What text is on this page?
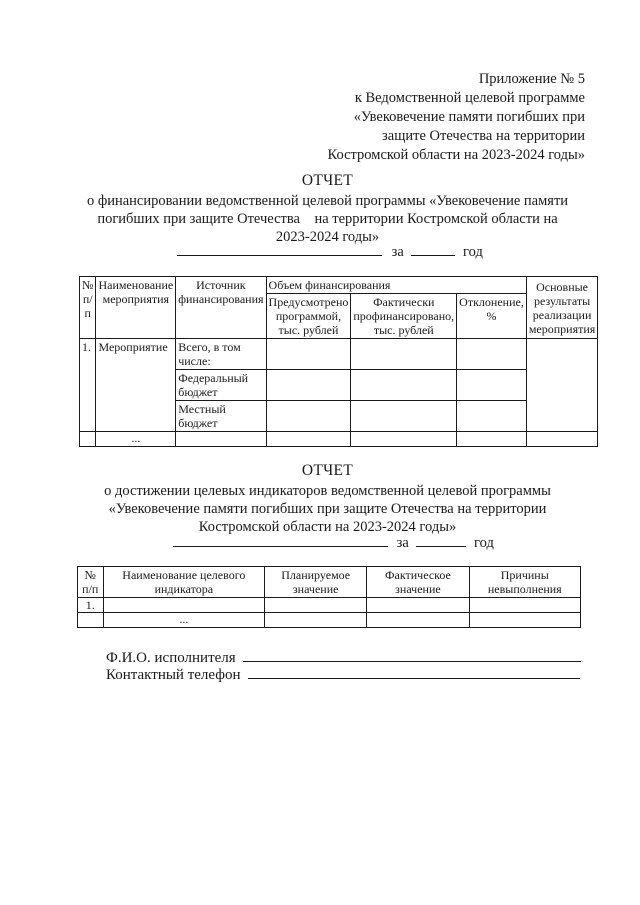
Приложение № 5
к Ведомственной целевой программе
«Увековечение памяти погибших при
защите Отечества на территории
Костромской области на 2023-2024 годы»
ОТЧЕТ
о финансировании ведомственной целевой программы «Увековечение памяти
погибших при защите Отечества    на территории Костромской области на
2023-2024 годы»
за	год
№ п/п	Наименование мероприятия	Источник финансирования	Объем финансирования			Основные результаты реализации мероприятия
			Предусмотрено программой, тыс. рублей	Фактически профинансировано, тыс. рублей	Отклонение, %	
1.	Мероприятие	Всего, в том числе:				
		Федеральный бюджет				
		Местный бюджет				
	...					
ОТЧЕТ
о достижении целевых индикаторов ведомственной целевой программы
«Увековечение памяти погибших при защите Отечества на территории
Костромской области на 2023-2024 годы»
за	год
№ п/п	Наименование целевого индикатора	Планируемое значение	Фактическое значение	Причины невыполнения
1.				
	...			
Ф.И.О. исполнителя
Контактный телефон
